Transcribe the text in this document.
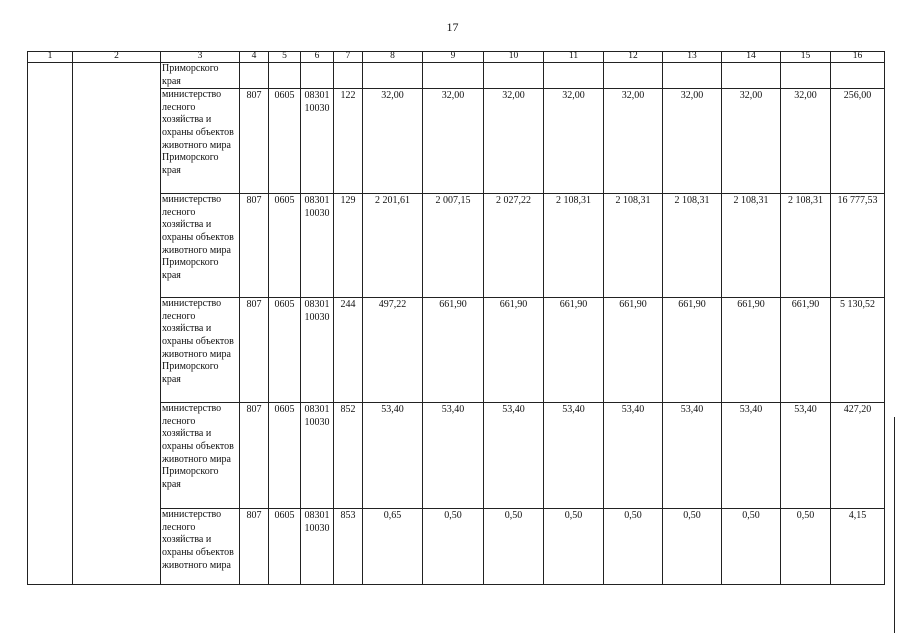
17
1	2	3	4	5	6	7	8	9	10	11	12	13	14	15	16
		Приморского края													
		министерство лесного хозяйства и охраны объектов животного мира Приморского края	807	0605	08301 10030	122	32,00	32,00	32,00	32,00	32,00	32,00	32,00	32,00	256,00
		министерство лесного хозяйства и охраны объектов животного мира Приморского края	807	0605	08301 10030	129	2 201,61	2 007,15	2 027,22	2 108,31	2 108,31	2 108,31	2 108,31	2 108,31	16 777,53
		министерство лесного хозяйства и охраны объектов животного мира Приморского края	807	0605	08301 10030	244	497,22	661,90	661,90	661,90	661,90	661,90	661,90	661,90	5 130,52
		министерство лесного хозяйства и охраны объектов животного мира Приморского края	807	0605	08301 10030	852	53,40	53,40	53,40	53,40	53,40	53,40	53,40	53,40	427,20
		министерство лесного хозяйства и охраны объектов животного мира	807	0605	08301 10030	853	0,65	0,50	0,50	0,50	0,50	0,50	0,50	0,50	4,15
